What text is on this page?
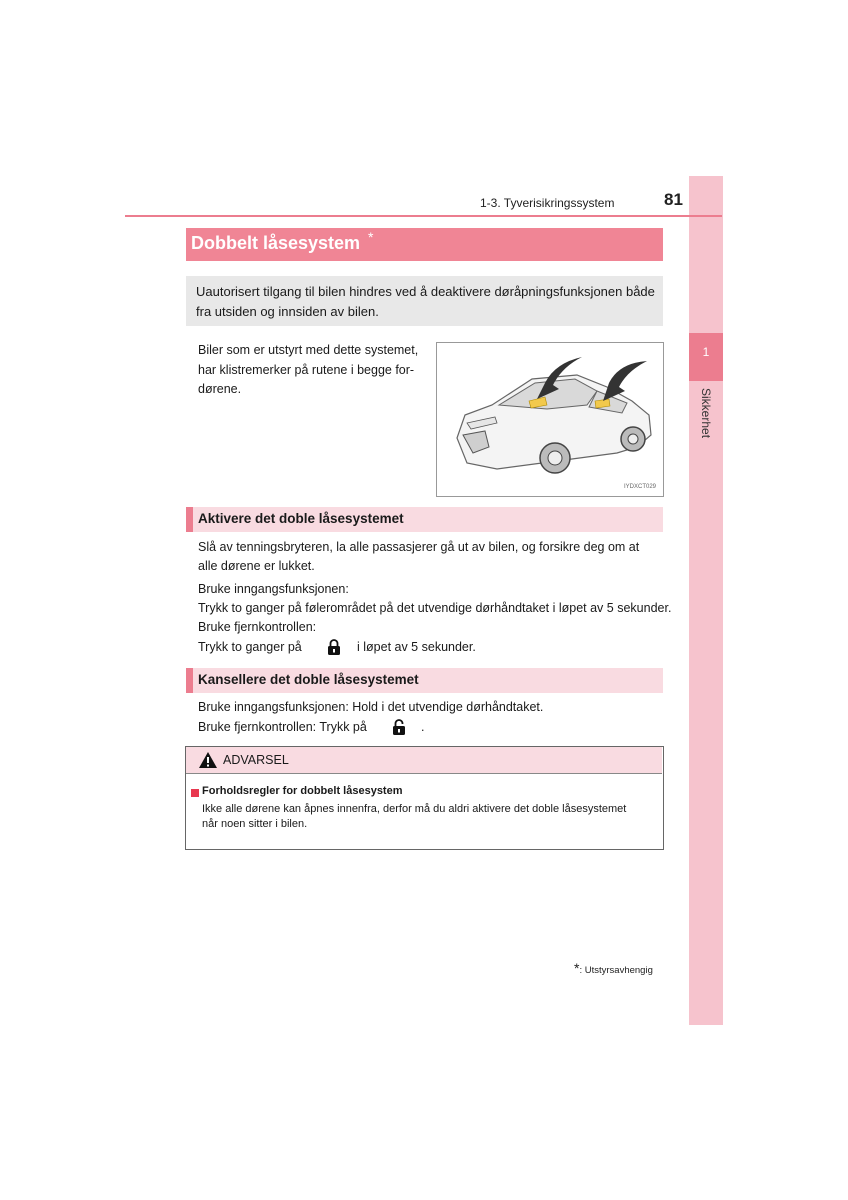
1
Sikkerhet
1-3. Tyverisikringssystem	81
Dobbelt låsesystem *
Uautorisert tilgang til bilen hindres ved å deaktivere døråpningsfunksjonen både fra utsiden og innsiden av bilen.
Biler som er utstyrt med dette systemet,
har klistremerker på rutene i begge for-
dørene.
IYDXCT029
Aktivere det doble låsesystemet
Slå av tenningsbryteren, la alle passasjerer gå ut av bilen, og forsikre deg om at
alle dørene er lukket.
Bruke inngangsfunksjonen:
Trykk to ganger på følerområdet på det utvendige dørhåndtaket i løpet av 5 sekunder.
Bruke fjernkontrollen:
Trykk to ganger på	i løpet av 5 sekunder.
Kansellere det doble låsesystemet
Bruke inngangsfunksjonen: Hold i det utvendige dørhåndtaket.
Bruke fjernkontrollen: Trykk på	.
ADVARSEL
Forholdsregler for dobbelt låsesystem
Ikke alle dørene kan åpnes innenfra, derfor må du aldri aktivere det doble låsesystemet
når noen sitter i bilen.
*: Utstyrsavhengig
